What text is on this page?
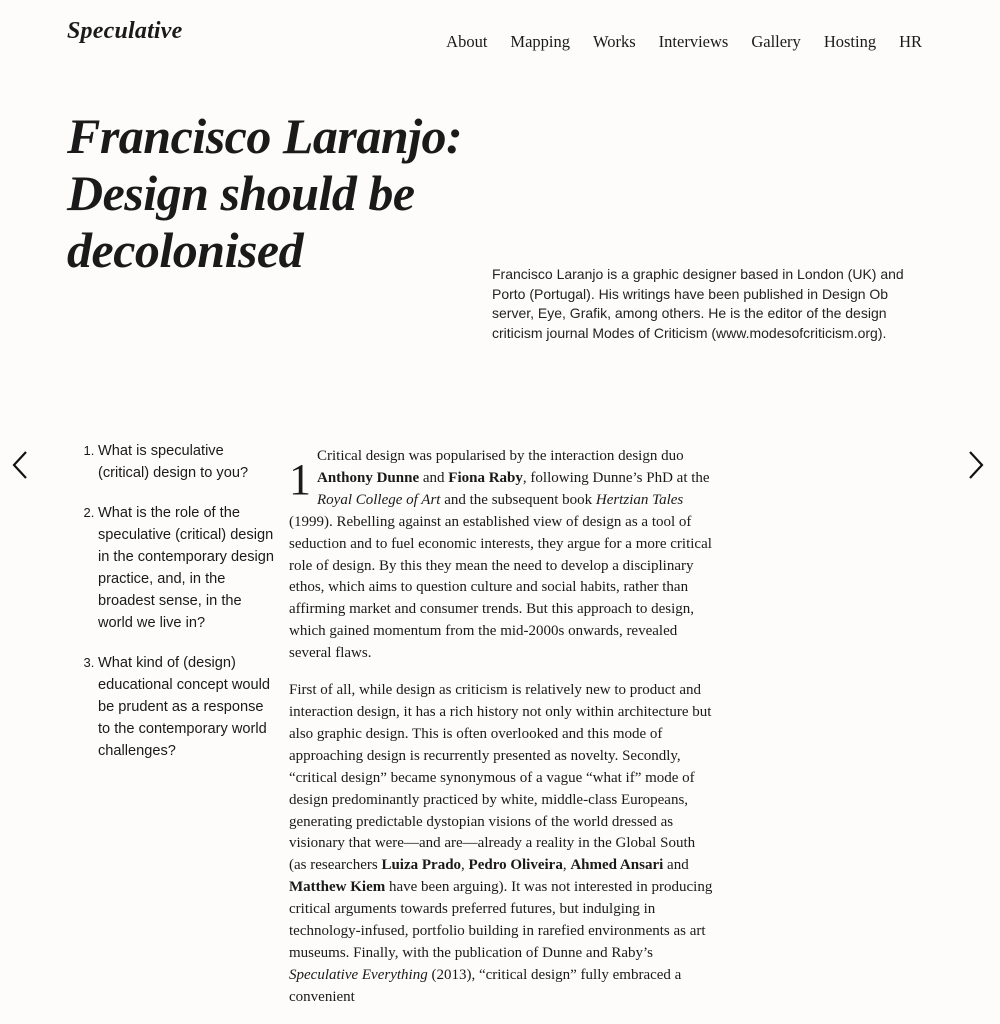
Speculative	About Mapping Works Interviews Gallery Hosting HR
Francisco Laranjo: Design should be decolonised	Francisco Laranjo is a graphic designer based in London (UK) and Porto (Portugal). His writings have been published in Design Ob server, Eye, Grafik, among others. He is the editor of the design criticism journal Modes of Criticism (www.modesofcriticism.org).

1. What is speculative (critical) design to you?
2. What is the role of the speculative (critical) design in the contemporary design practice, and, in the broadest sense, in the world we live in?
3. What kind of (design) educational concept would be prudent as a response to the contemporary world challenges?

1 Critical design was popularised by the interaction design duo Anthony Dunne and Fiona Raby, following Dunne’s PhD at the Royal College of Art and the subsequent book Hertzian Tales (1999). Rebelling against an established view of design as a tool of seduction and to fuel economic interests, they argue for a more critical role of design. By this they mean the need to develop a disciplinary ethos, which aims to question culture and social habits, rather than affirming market and consumer trends. But this approach to design, which gained momentum from the mid-2000s onwards, revealed several flaws.

First of all, while design as criticism is relatively new to product and interaction design, it has a rich history not only within architecture but also graphic design. This is often overlooked and this mode of approaching design is recurrently presented as novelty. Secondly, “critical design” became synonymous of a vague “what if” mode of design predominantly practiced by white, middle-class Europeans, generating predictable dystopian visions of the world dressed as visionary that were—and are—already a reality in the Global South (as researchers Luiza Prado, Pedro Oliveira, Ahmed Ansari and Matthew Kiem have been arguing). It was not interested in producing critical arguments towards preferred futures, but indulging in technology-infused, portfolio building in rarefied environments as art museums. Finally, with the publication of Dunne and Raby’s Speculative Everything (2013), “critical design” fully embraced a convenient
